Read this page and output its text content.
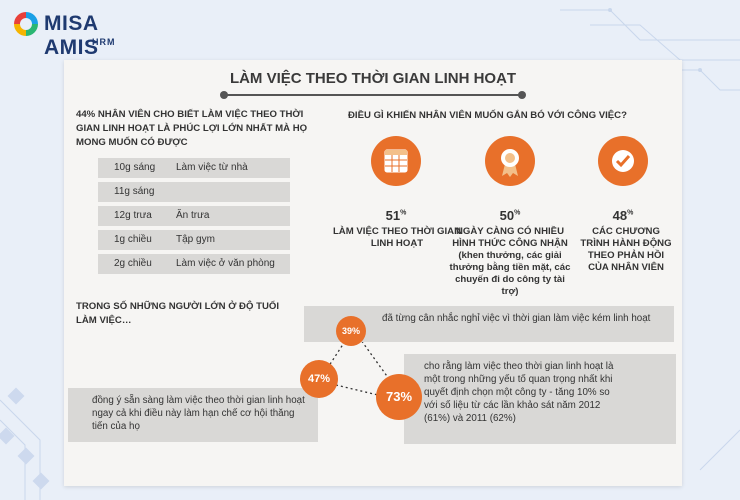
MISA AMIS
HRM
LÀM VIỆC THEO THỜI GIAN LINH HOẠT
44% NHÂN VIÊN CHO BIẾT LÀM VIỆC THEO THỜI GIAN LINH HOẠT LÀ PHÚC LỢI LỚN NHẤT MÀ HỌ MONG MUỐN CÓ ĐƯỢC
10g sáng Làm việc từ nhà
11g sáng
12g trưa Ăn trưa
1g chiều Tập gym
2g chiều Làm việc ở văn phòng
ĐIỀU GÌ KHIẾN NHÂN VIÊN MUỐN GẮN BÓ VỚI CÔNG VIỆC?
51%
LÀM VIỆC THEO THỜI GIAN LINH HOẠT
50%
NGÀY CÀNG CÓ NHIỀU HÌNH THỨC CÔNG NHẬN (khen thưởng, các giải thưởng bằng tiền mặt, các chuyến đi do công ty tài trợ)
48%
CÁC CHƯƠNG TRÌNH HÀNH ĐỘNG THEO PHẢN HỒI CỦA NHÂN VIÊN
TRONG SỐ NHỮNG NGƯỜI LỚN Ở ĐỘ TUỔI LÀM VIỆC…	đã từng cân nhắc nghỉ việc vì thời gian làm việc kém linh hoạt
đồng ý sẵn sàng làm việc theo thời gian linh hoạt ngay cả khi điều này làm hạn chế cơ hội thăng tiến của họ
cho rằng làm việc theo thời gian linh hoạt là một trong những yếu tố quan trọng nhất khi quyết định chọn một công ty - tăng 10% so với số liệu từ các lần khảo sát năm 2012 (61%) và 2011 (62%)
39%
47%
73%
